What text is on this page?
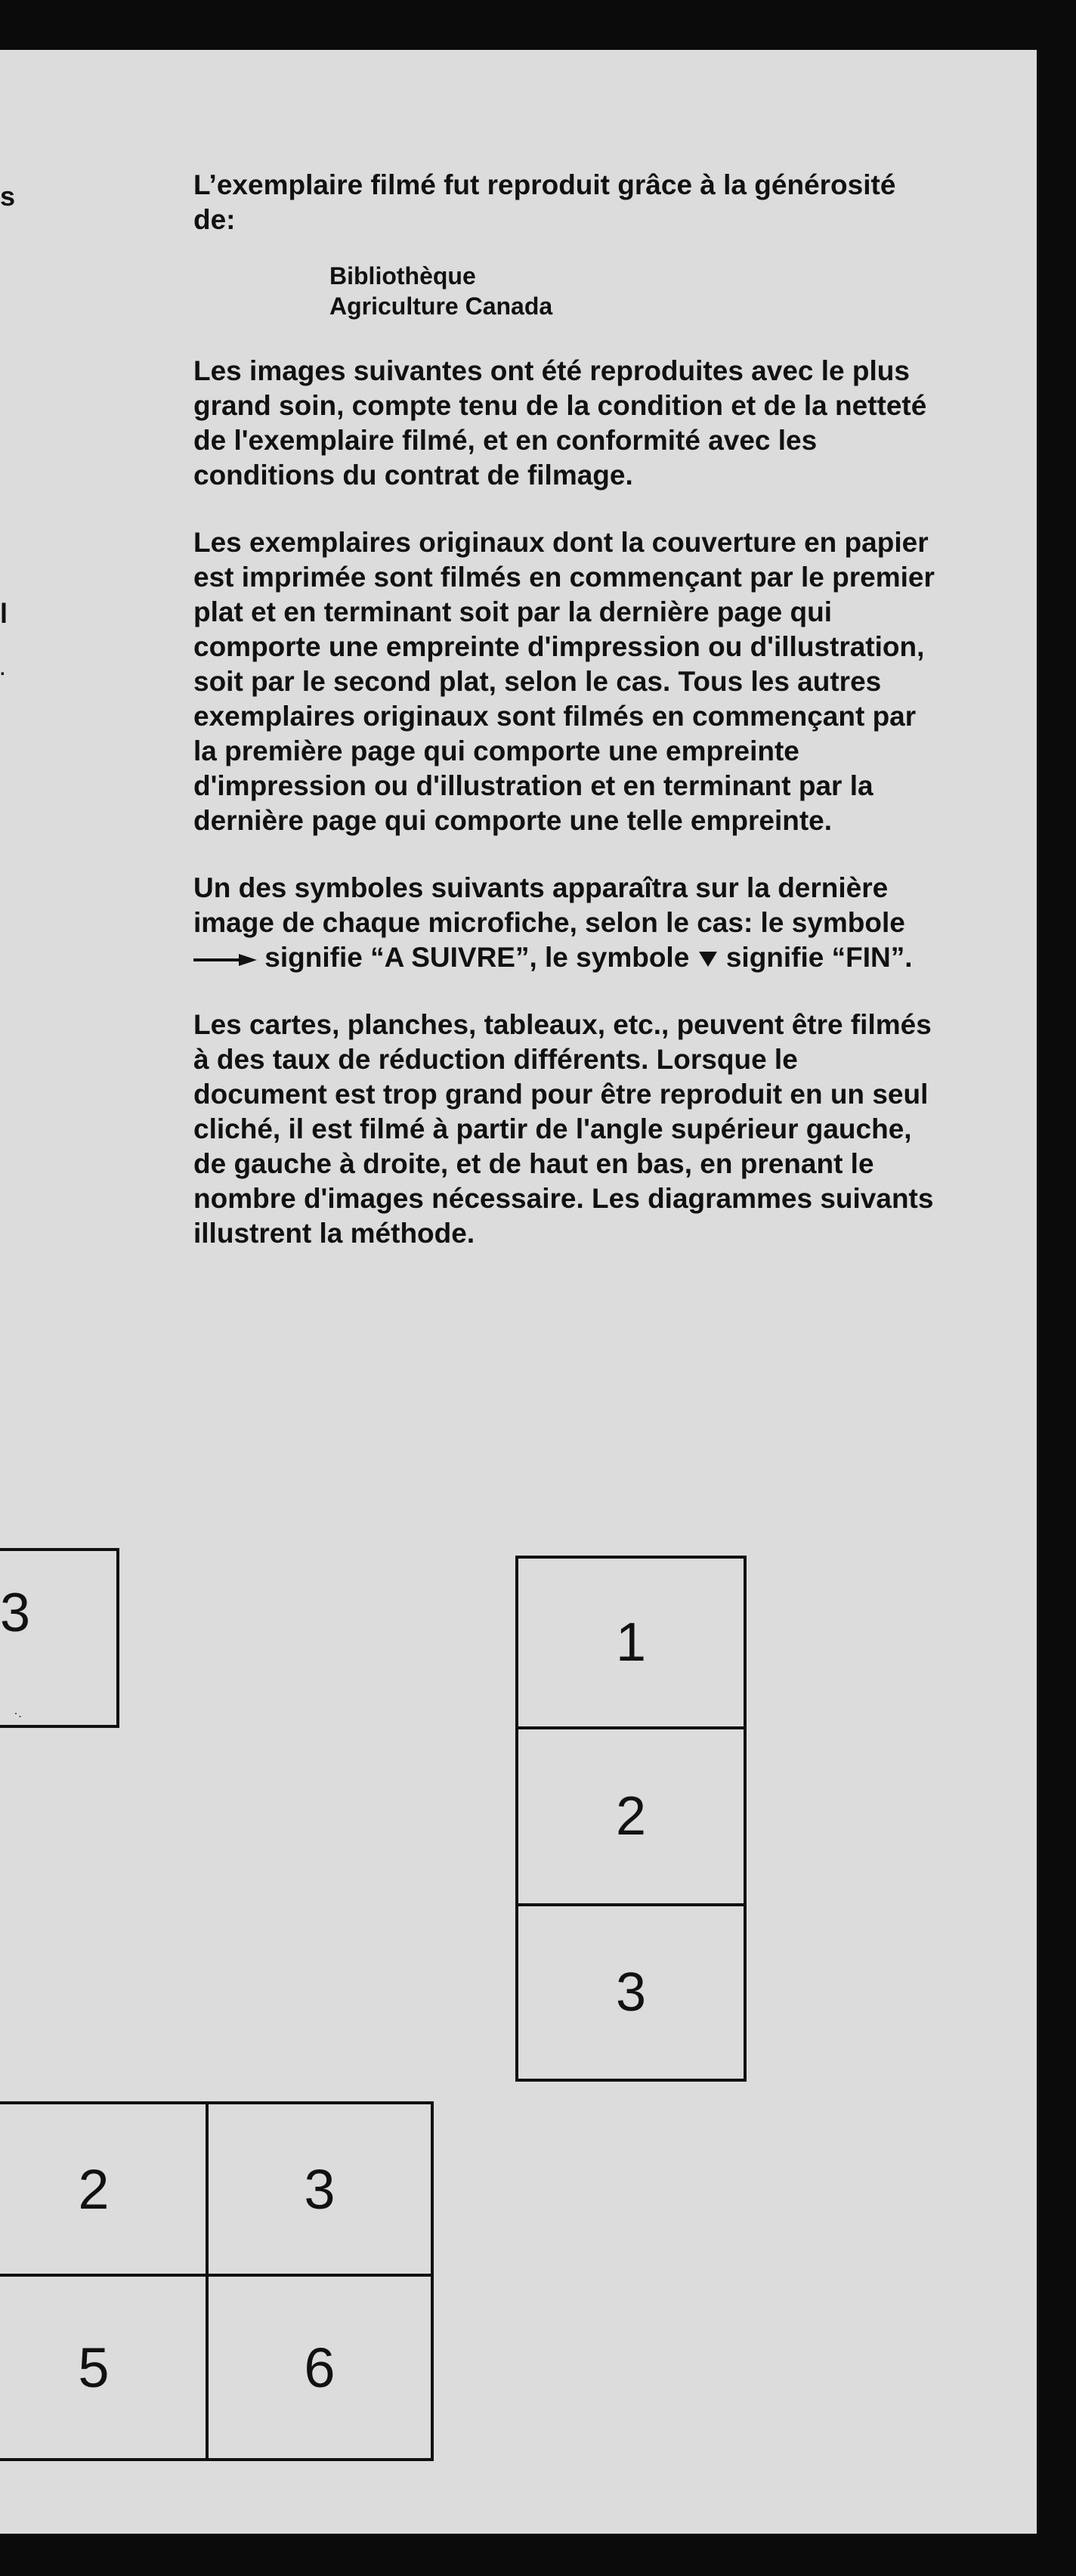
s
l
.

L’exemplaire filmé fut reproduit grâce à la générosité de:

Bibliothèque
Agriculture Canada

Les images suivantes ont été reproduites avec le plus grand soin, compte tenu de la condition et de la netteté de l'exemplaire filmé, et en conformité avec les conditions du contrat de filmage.

Les exemplaires originaux dont la couverture en papier est imprimée sont filmés en commençant par le premier plat et en terminant soit par la dernière page qui comporte une empreinte d'impression ou d'illustration, soit par le second plat, selon le cas. Tous les autres exemplaires originaux sont filmés en commençant par la première page qui comporte une empreinte d'impression ou d'illustration et en terminant par la dernière page qui comporte une telle empreinte.

Un des symboles suivants apparaîtra sur la dernière image de chaque microfiche, selon le cas: le symbole  signifie “A SUIVRE”, le symbole signifie “FIN”.

Les cartes, planches, tableaux, etc., peuvent être filmés à des taux de réduction différents. Lorsque le document est trop grand pour être reproduit en un seul cliché, il est filmé à partir de l'angle supérieur gauche, de gauche à droite, et de haut en bas, en prenant le nombre d'images nécessaire. Les diagrammes suivants illustrent la méthode.

3
·.
1
2
3
2	3
5	6
